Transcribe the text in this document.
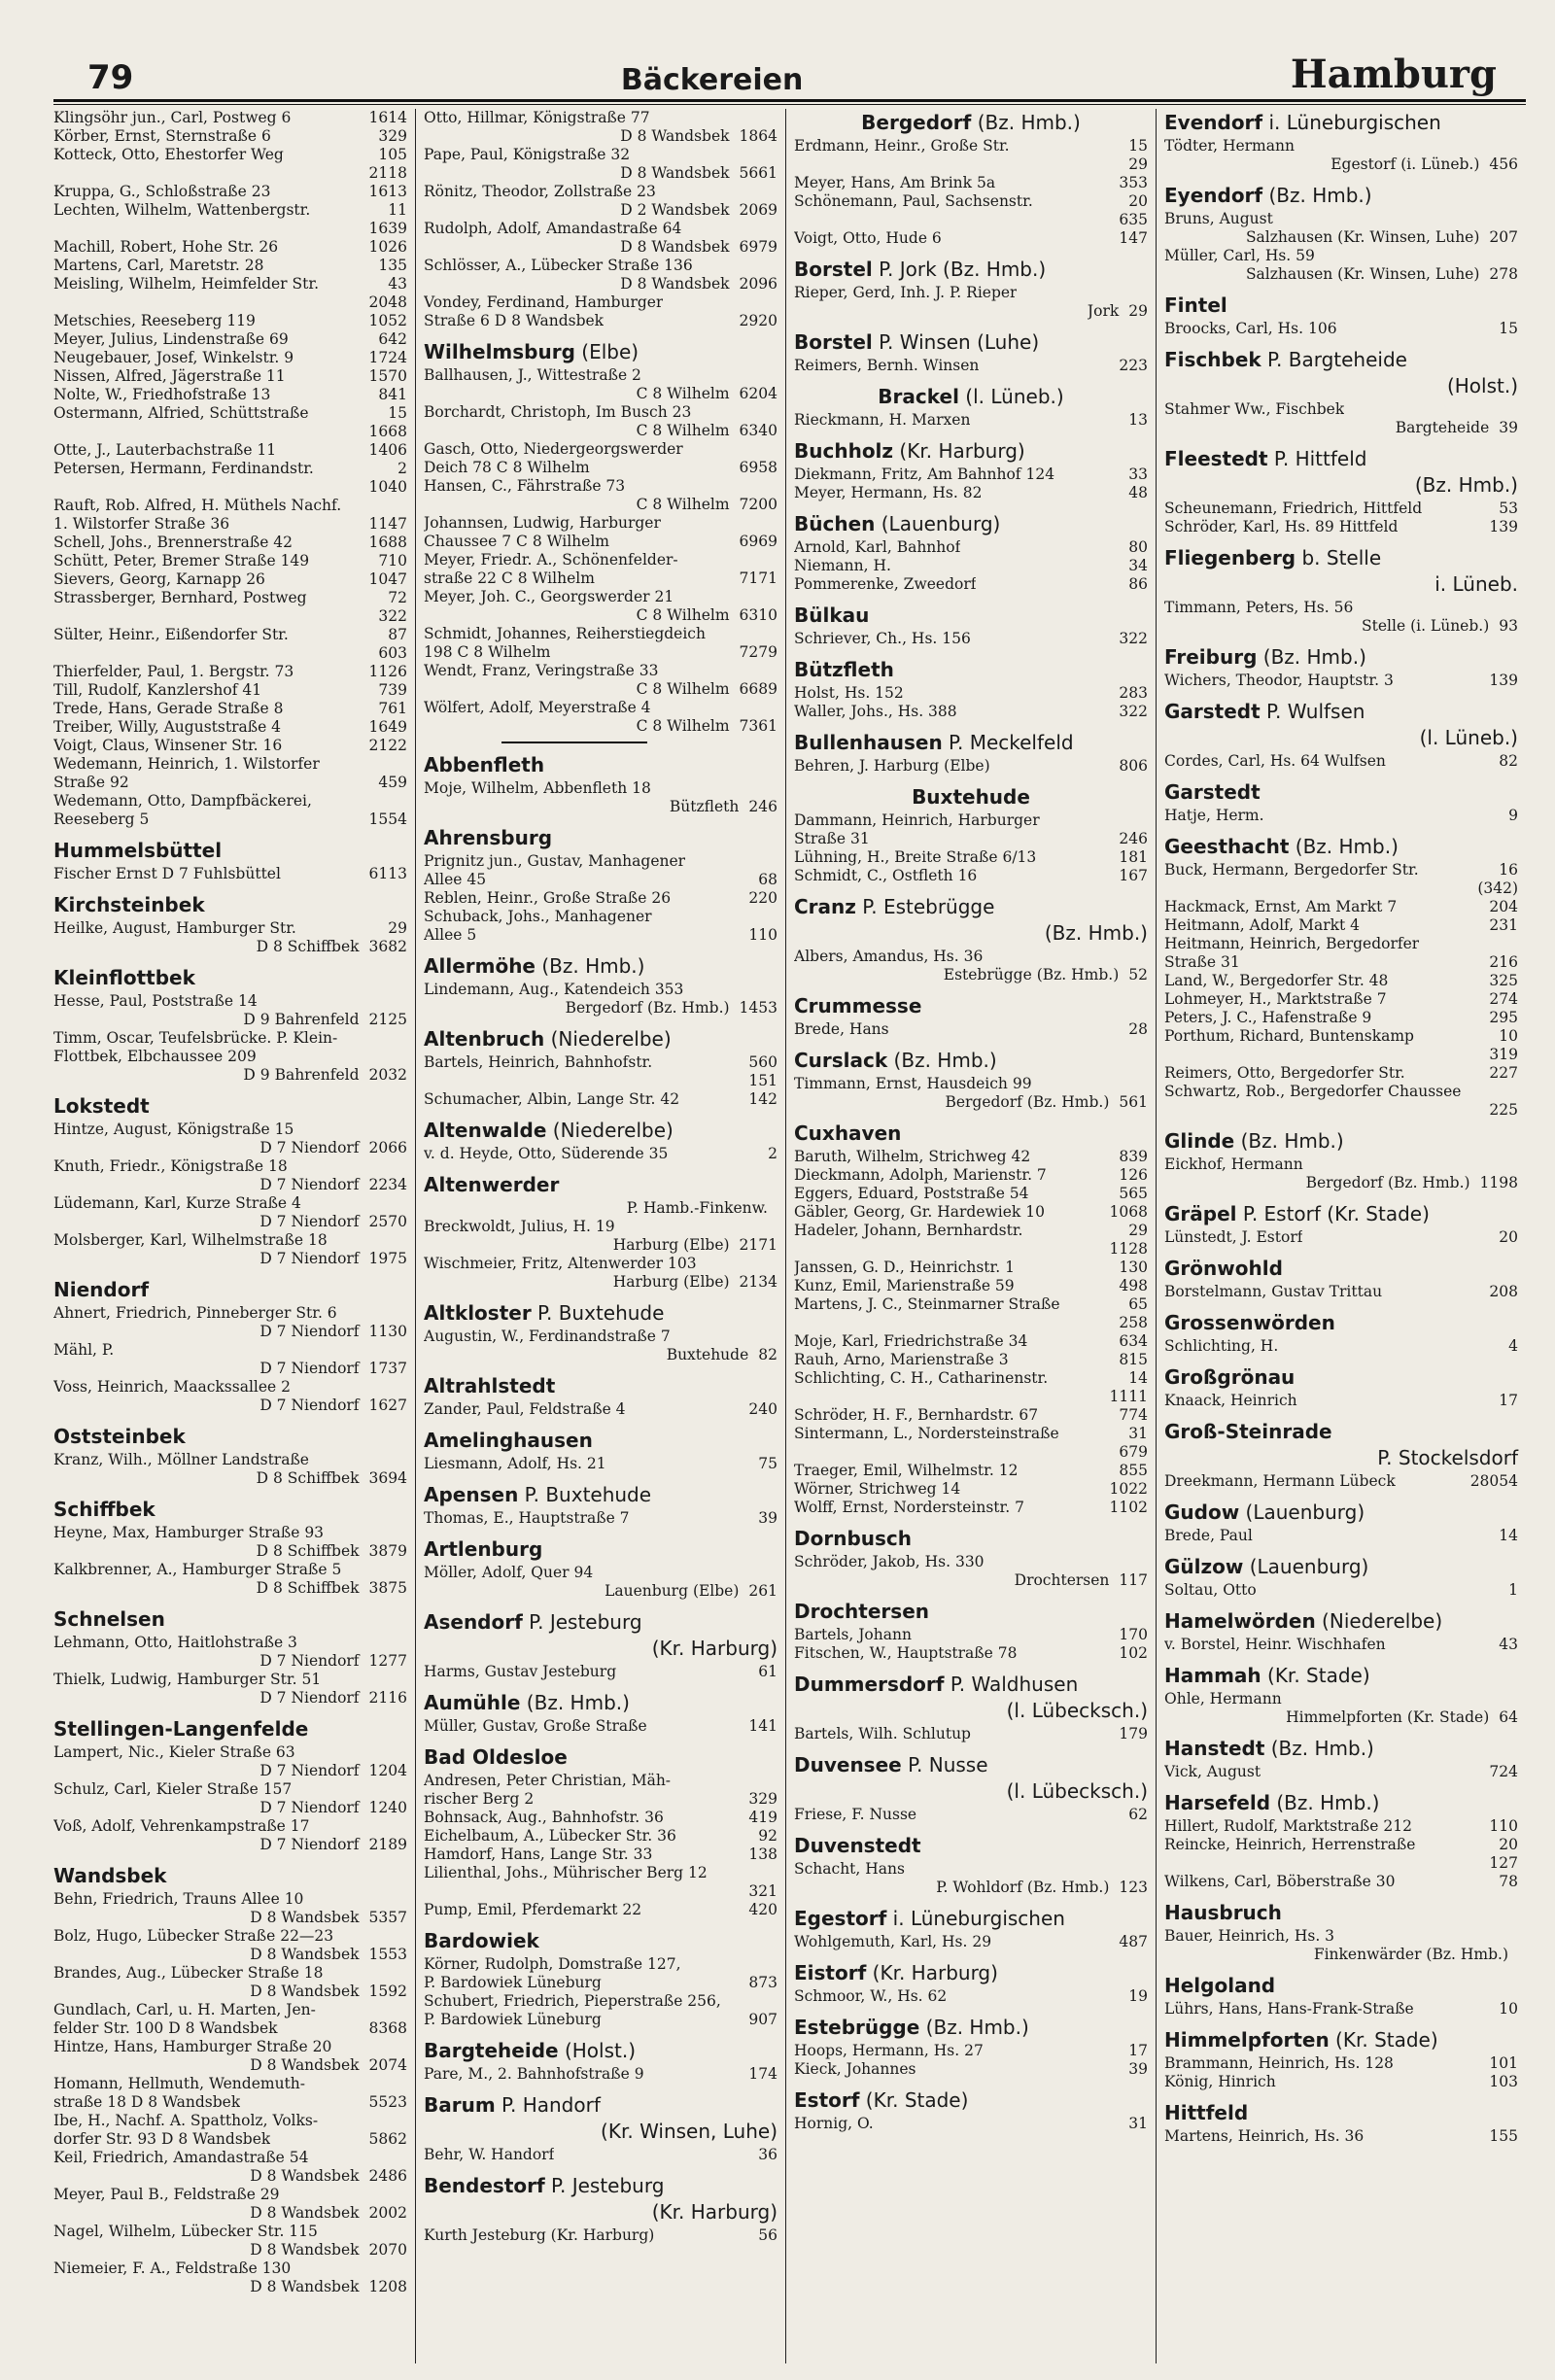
79	Bäckereien	Hamburg
Klingsöhr jun., Carl, Postweg 6	1614
Körber, Ernst, Sternstraße 6	329
Kotteck, Otto, Ehestorfer Weg	105
2118
Kruppa, G., Schloßstraße 23	1613
Lechten, Wilhelm, Wattenbergstr.	11
1639
Machill, Robert, Hohe Str. 26	1026
Martens, Carl, Maretstr. 28	135
Meisling, Wilhelm, Heimfelder Str.	43
2048
Metschies, Reeseberg 119	1052
Meyer, Julius, Lindenstraße 69	642
Neugebauer, Josef, Winkelstr. 9	1724
Nissen, Alfred, Jägerstraße 11	1570
Nolte, W., Friedhofstraße 13	841
Ostermann, Alfried, Schüttstraße	15
1668
Otte, J., Lauterbachstraße 11	1406
Petersen, Hermann, Ferdinandstr.	2
1040
Rauft, Rob. Alfred, H. Müthels Nachf.
1. Wilstorfer Straße 36	1147
Schell, Johs., Brennerstraße 42	1688
Schütt, Peter, Bremer Straße 149	710
Sievers, Georg, Karnapp 26	1047
Strassberger, Bernhard, Postweg	72
322
Sülter, Heinr., Eißendorfer Str.	87
603
Thierfelder, Paul, 1. Bergstr. 73	1126
Till, Rudolf, Kanzlershof 41	739
Trede, Hans, Gerade Straße 8	761
Treiber, Willy, Auguststraße 4	1649
Voigt, Claus, Winsener Str. 16	2122
Wedemann, Heinrich, 1. Wilstorfer
Straße 92	459
Wedemann, Otto, Dampfbäckerei,
Reeseberg 5	1554
Hummelsbüttel
Fischer Ernst D 7 Fuhlsbüttel	6113
Kirchsteinbek
Heilke, August, Hamburger Str.	29
D 8 Schiffbek 3682
Kleinflottbek
Hesse, Paul, Poststraße 14
D 9 Bahrenfeld 2125
Timm, Oscar, Teufelsbrücke. P. Klein-
Flottbek, Elbchaussee 209
D 9 Bahrenfeld 2032
Lokstedt
Hintze, August, Königstraße 15
D 7 Niendorf 2066
Knuth, Friedr., Königstraße 18
D 7 Niendorf 2234
Lüdemann, Karl, Kurze Straße 4
D 7 Niendorf 2570
Molsberger, Karl, Wilhelmstraße 18
D 7 Niendorf 1975
Niendorf
Ahnert, Friedrich, Pinneberger Str. 6
D 7 Niendorf 1130
Mähl, P.
D 7 Niendorf 1737
Voss, Heinrich, Maackssallee 2
D 7 Niendorf 1627
Oststeinbek
Kranz, Wilh., Möllner Landstraße
D 8 Schiffbek 3694
Schiffbek
Heyne, Max, Hamburger Straße 93
D 8 Schiffbek 3879
Kalkbrenner, A., Hamburger Straße 5
D 8 Schiffbek 3875
Schnelsen
Lehmann, Otto, Haitlohstraße 3
D 7 Niendorf 1277
Thielk, Ludwig, Hamburger Str. 51
D 7 Niendorf 2116
Stellingen-Langenfelde
Lampert, Nic., Kieler Straße 63
D 7 Niendorf 1204
Schulz, Carl, Kieler Straße 157
D 7 Niendorf 1240
Voß, Adolf, Vehrenkampstraße 17
D 7 Niendorf 2189
Wandsbek
Behn, Friedrich, Trauns Allee 10
D 8 Wandsbek 5357
Bolz, Hugo, Lübecker Straße 22—23
D 8 Wandsbek 1553
Brandes, Aug., Lübecker Straße 18
D 8 Wandsbek 1592
Gundlach, Carl, u. H. Marten, Jen-
felder Str. 100 D 8 Wandsbek	8368
Hintze, Hans, Hamburger Straße 20
D 8 Wandsbek 2074
Homann, Hellmuth, Wendemuth-
straße 18 D 8 Wandsbek	5523
Ibe, H., Nachf. A. Spattholz, Volks-
dorfer Str. 93 D 8 Wandsbek	5862
Keil, Friedrich, Amandastraße 54
D 8 Wandsbek 2486
Meyer, Paul B., Feldstraße 29
D 8 Wandsbek 2002
Nagel, Wilhelm, Lübecker Str. 115
D 8 Wandsbek 2070
Niemeier, F. A., Feldstraße 130
D 8 Wandsbek 1208
Otto, Hillmar, Königstraße 77
D 8 Wandsbek 1864
Pape, Paul, Königstraße 32
D 8 Wandsbek 5661
Rönitz, Theodor, Zollstraße 23
D 2 Wandsbek 2069
Rudolph, Adolf, Amandastraße 64
D 8 Wandsbek 6979
Schlösser, A., Lübecker Straße 136
D 8 Wandsbek 2096
Vondey, Ferdinand, Hamburger
Straße 6 D 8 Wandsbek	2920
Wilhelmsburg (Elbe)
Ballhausen, J., Wittestraße 2
C 8 Wilhelm 6204
Borchardt, Christoph, Im Busch 23
C 8 Wilhelm 6340
Gasch, Otto, Niedergeorgswerder
Deich 78 C 8 Wilhelm	6958
Hansen, C., Fährstraße 73
C 8 Wilhelm 7200
Johannsen, Ludwig, Harburger
Chaussee 7 C 8 Wilhelm	6969
Meyer, Friedr. A., Schönenfelder-
straße 22 C 8 Wilhelm	7171
Meyer, Joh. C., Georgswerder 21
C 8 Wilhelm 6310
Schmidt, Johannes, Reiherstiegdeich
198 C 8 Wilhelm	7279
Wendt, Franz, Veringstraße 33
C 8 Wilhelm 6689
Wölfert, Adolf, Meyerstraße 4
C 8 Wilhelm 7361
Abbenfleth
Moje, Wilhelm, Abbenfleth 18
Bützfleth 246
Ahrensburg
Prignitz jun., Gustav, Manhagener
Allee 45	68
Reblen, Heinr., Große Straße 26	220
Schuback, Johs., Manhagener
Allee 5	110
Allermöhe (Bz. Hmb.)
Lindemann, Aug., Katendeich 353
Bergedorf (Bz. Hmb.) 1453
Altenbruch (Niederelbe)
Bartels, Heinrich, Bahnhofstr.	560
151
Schumacher, Albin, Lange Str. 42	142
Altenwalde (Niederelbe)
v. d. Heyde, Otto, Süderende 35	2
Altenwerder
P. Hamb.-Finkenw.
Breckwoldt, Julius, H. 19
Harburg (Elbe) 2171
Wischmeier, Fritz, Altenwerder 103
Harburg (Elbe) 2134
Altkloster P. Buxtehude
Augustin, W., Ferdinandstraße 7
Buxtehude 82
Altrahlstedt
Zander, Paul, Feldstraße 4	240
Amelinghausen
Liesmann, Adolf, Hs. 21	75
Apensen P. Buxtehude
Thomas, E., Hauptstraße 7	39
Artlenburg
Möller, Adolf, Quer 94
Lauenburg (Elbe) 261
Asendorf P. Jesteburg
(Kr. Harburg)
Harms, Gustav Jesteburg	61
Aumühle (Bz. Hmb.)
Müller, Gustav, Große Straße	141
Bad Oldesloe
Andresen, Peter Christian, Mäh-
rischer Berg 2	329
Bohnsack, Aug., Bahnhofstr. 36	419
Eichelbaum, A., Lübecker Str. 36	92
Hamdorf, Hans, Lange Str. 33	138
Lilienthal, Johs., Mührischer Berg 12
321
Pump, Emil, Pferdemarkt 22	420
Bardowiek
Körner, Rudolph, Domstraße 127,
P. Bardowiek Lüneburg	873
Schubert, Friedrich, Pieperstraße 256,
P. Bardowiek Lüneburg	907
Bargteheide (Holst.)
Pare, M., 2. Bahnhofstraße 9	174
Barum P. Handorf
(Kr. Winsen, Luhe)
Behr, W. Handorf	36
Bendestorf P. Jesteburg
(Kr. Harburg)
Kurth Jesteburg (Kr. Harburg)	56
Bergedorf (Bz. Hmb.)
Erdmann, Heinr., Große Str.	15
29
Meyer, Hans, Am Brink 5a	353
Schönemann, Paul, Sachsenstr.	20
635
Voigt, Otto, Hude 6	147
Borstel P. Jork (Bz. Hmb.)
Rieper, Gerd, Inh. J. P. Rieper
Jork 29
Borstel P. Winsen (Luhe)
Reimers, Bernh. Winsen	223
Brackel (l. Lüneb.)
Rieckmann, H. Marxen	13
Buchholz (Kr. Harburg)
Diekmann, Fritz, Am Bahnhof 124	33
Meyer, Hermann, Hs. 82	48
Büchen (Lauenburg)
Arnold, Karl, Bahnhof	80
Niemann, H.	34
Pommerenke, Zweedorf	86
Bülkau
Schriever, Ch., Hs. 156	322
Bützfleth
Holst, Hs. 152	283
Waller, Johs., Hs. 388	322
Bullenhausen P. Meckelfeld
Behren, J. Harburg (Elbe)	806
Buxtehude
Dammann, Heinrich, Harburger
Straße 31	246
Lühning, H., Breite Straße 6/13	181
Schmidt, C., Ostfleth 16	167
Cranz P. Estebrügge
(Bz. Hmb.)
Albers, Amandus, Hs. 36
Estebrügge (Bz. Hmb.) 52
Crummesse
Brede, Hans	28
Curslack (Bz. Hmb.)
Timmann, Ernst, Hausdeich 99
Bergedorf (Bz. Hmb.) 561
Cuxhaven
Baruth, Wilhelm, Strichweg 42	839
Dieckmann, Adolph, Marienstr. 7	126
Eggers, Eduard, Poststraße 54	565
Gäbler, Georg, Gr. Hardewiek 10	1068
Hadeler, Johann, Bernhardstr.	29
1128
Janssen, G. D., Heinrichstr. 1	130
Kunz, Emil, Marienstraße 59	498
Martens, J. C., Steinmarner Straße	65
258
Moje, Karl, Friedrichstraße 34	634
Rauh, Arno, Marienstraße 3	815
Schlichting, C. H., Catharinenstr.	14
1111
Schröder, H. F., Bernhardstr. 67	774
Sintermann, L., Nordersteinstraße	31
679
Traeger, Emil, Wilhelmstr. 12	855
Wörner, Strichweg 14	1022
Wolff, Ernst, Nordersteinstr. 7	1102
Dornbusch
Schröder, Jakob, Hs. 330
Drochtersen 117
Drochtersen
Bartels, Johann	170
Fitschen, W., Hauptstraße 78	102
Dummersdorf P. Waldhusen
(l. Lübecksch.)
Bartels, Wilh. Schlutup	179
Duvensee P. Nusse
(l. Lübecksch.)
Friese, F. Nusse	62
Duvenstedt
Schacht, Hans
P. Wohldorf (Bz. Hmb.) 123
Egestorf i. Lüneburgischen
Wohlgemuth, Karl, Hs. 29	487
Eistorf (Kr. Harburg)
Schmoor, W., Hs. 62	19
Estebrügge (Bz. Hmb.)
Hoops, Hermann, Hs. 27	17
Kieck, Johannes	39
Estorf (Kr. Stade)
Hornig, O.	31
Evendorf i. Lüneburgischen
Tödter, Hermann
Egestorf (i. Lüneb.) 456
Eyendorf (Bz. Hmb.)
Bruns, August
Salzhausen (Kr. Winsen, Luhe) 207
Müller, Carl, Hs. 59
Salzhausen (Kr. Winsen, Luhe) 278
Fintel
Broocks, Carl, Hs. 106	15
Fischbek P. Bargteheide
(Holst.)
Stahmer Ww., Fischbek
Bargteheide 39
Fleestedt P. Hittfeld
(Bz. Hmb.)
Scheunemann, Friedrich, Hittfeld	53
Schröder, Karl, Hs. 89 Hittfeld	139
Fliegenberg b. Stelle
i. Lüneb.
Timmann, Peters, Hs. 56
Stelle (i. Lüneb.) 93
Freiburg (Bz. Hmb.)
Wichers, Theodor, Hauptstr. 3	139
Garstedt P. Wulfsen
(l. Lüneb.)
Cordes, Carl, Hs. 64 Wulfsen	82
Garstedt
Hatje, Herm.	9
Geesthacht (Bz. Hmb.)
Buck, Hermann, Bergedorfer Str.	16
(342)
Hackmack, Ernst, Am Markt 7	204
Heitmann, Adolf, Markt 4	231
Heitmann, Heinrich, Bergedorfer
Straße 31	216
Land, W., Bergedorfer Str. 48	325
Lohmeyer, H., Marktstraße 7	274
Peters, J. C., Hafenstraße 9	295
Porthum, Richard, Buntenskamp	10
319
Reimers, Otto, Bergedorfer Str.	227
Schwartz, Rob., Bergedorfer Chaussee
225
Glinde (Bz. Hmb.)
Eickhof, Hermann
Bergedorf (Bz. Hmb.) 1198
Gräpel P. Estorf (Kr. Stade)
Lünstedt, J. Estorf	20
Grönwohld
Borstelmann, Gustav Trittau	208
Grossenwörden
Schlichting, H.	4
Großgrönau
Knaack, Heinrich	17
Groß-Steinrade
P. Stockelsdorf
Dreekmann, Hermann Lübeck	28054
Gudow (Lauenburg)
Brede, Paul	14
Gülzow (Lauenburg)
Soltau, Otto	1
Hamelwörden (Niederelbe)
v. Borstel, Heinr. Wischhafen	43
Hammah (Kr. Stade)
Ohle, Hermann
Himmelpforten (Kr. Stade) 64
Hanstedt (Bz. Hmb.)
Vick, August	724
Harsefeld (Bz. Hmb.)
Hillert, Rudolf, Marktstraße 212	110
Reincke, Heinrich, Herrenstraße	20
127
Wilkens, Carl, Böberstraße 30	78
Hausbruch
Bauer, Heinrich, Hs. 3
Finkenwärder (Bz. Hmb.)
Helgoland
Lührs, Hans, Hans-Frank-Straße	10
Himmelpforten (Kr. Stade)
Brammann, Heinrich, Hs. 128	101
König, Hinrich	103
Hittfeld
Martens, Heinrich, Hs. 36	155
